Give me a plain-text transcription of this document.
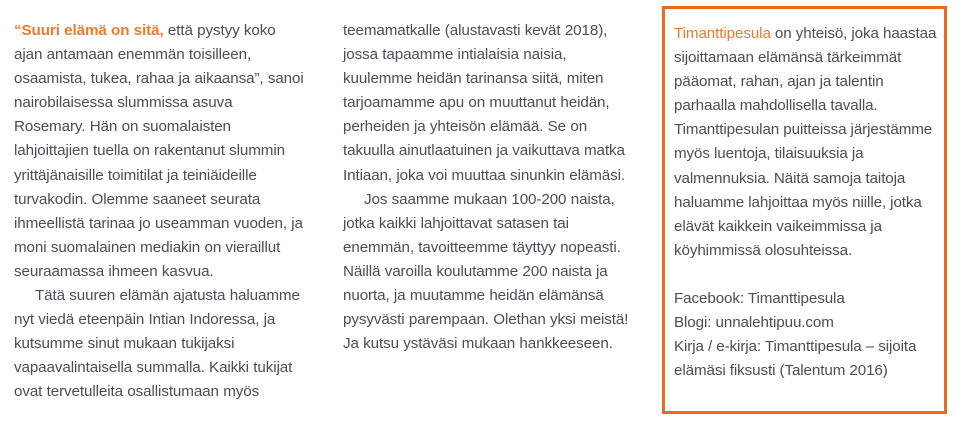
“Suuri elämä on sitä, että pystyy koko ajan antamaan enemmän toisilleen, osaamista, tukea, rahaa ja aikaansa”, sanoi nairobilaisessa slummissa asuva Rosemary. Hän on suomalaisten lahjoittajien tuella on rakentanut slummin yrittäjänaisille toimitilat ja teiniäideille turvakodin. Olemme saaneet seurata ihmeellistä tarinaa jo useamman vuoden, ja moni suomalainen mediakin on vieraillut seuraamassa ihmeen kasvua.

Tätä suuren elämän ajatusta haluamme nyt viedä eteenpäin Intian Indoressa, ja kutsumme sinut mukaan tukijaksi vapaavalintaisella summalla. Kaikki tukijat ovat tervetulleita osallistumaan myös

teemamatkalle (alustavasti kevät 2018), jossa tapaamme intialaisia naisia, kuulemme heidän tarinansa siitä, miten tarjoamamme apu on muuttanut heidän, perheiden ja yhteisön elämää. Se on takuulla ainutlaatuinen ja vaikuttava matka Intiaan, joka voi muuttaa sinunkin elämäsi.

Jos saamme mukaan 100-200 naista, jotka kaikki lahjoittavat satasen tai enemmän, tavoitteemme täyttyy nopeasti. Näillä varoilla koulutamme 200 naista ja nuorta, ja muutamme heidän elämänsä pysyvästi parempaan. Olethan yksi meistä! Ja kutsu ystäväsi mukaan hankkeeseen.

Timanttipesula on yhteisö, joka haastaa sijoittamaan elämänsä tärkeimmät pääomat, rahan, ajan ja talentin parhaalla mahdollisella tavalla. Timanttipesulan puitteissa järjestämme myös luentoja, tilaisuuksia ja valmennuksia. Näitä samoja taitoja haluamme lahjoittaa myös niille, jotka elävät kaikkein vaikeimmissa ja köyhimmissä olosuhteissa.

Facebook: Timanttipesula
Blogi: unnalehtipuu.com
Kirja / e-kirja: Timanttipesula – sijoita elämäsi fiksusti (Talentum 2016)
